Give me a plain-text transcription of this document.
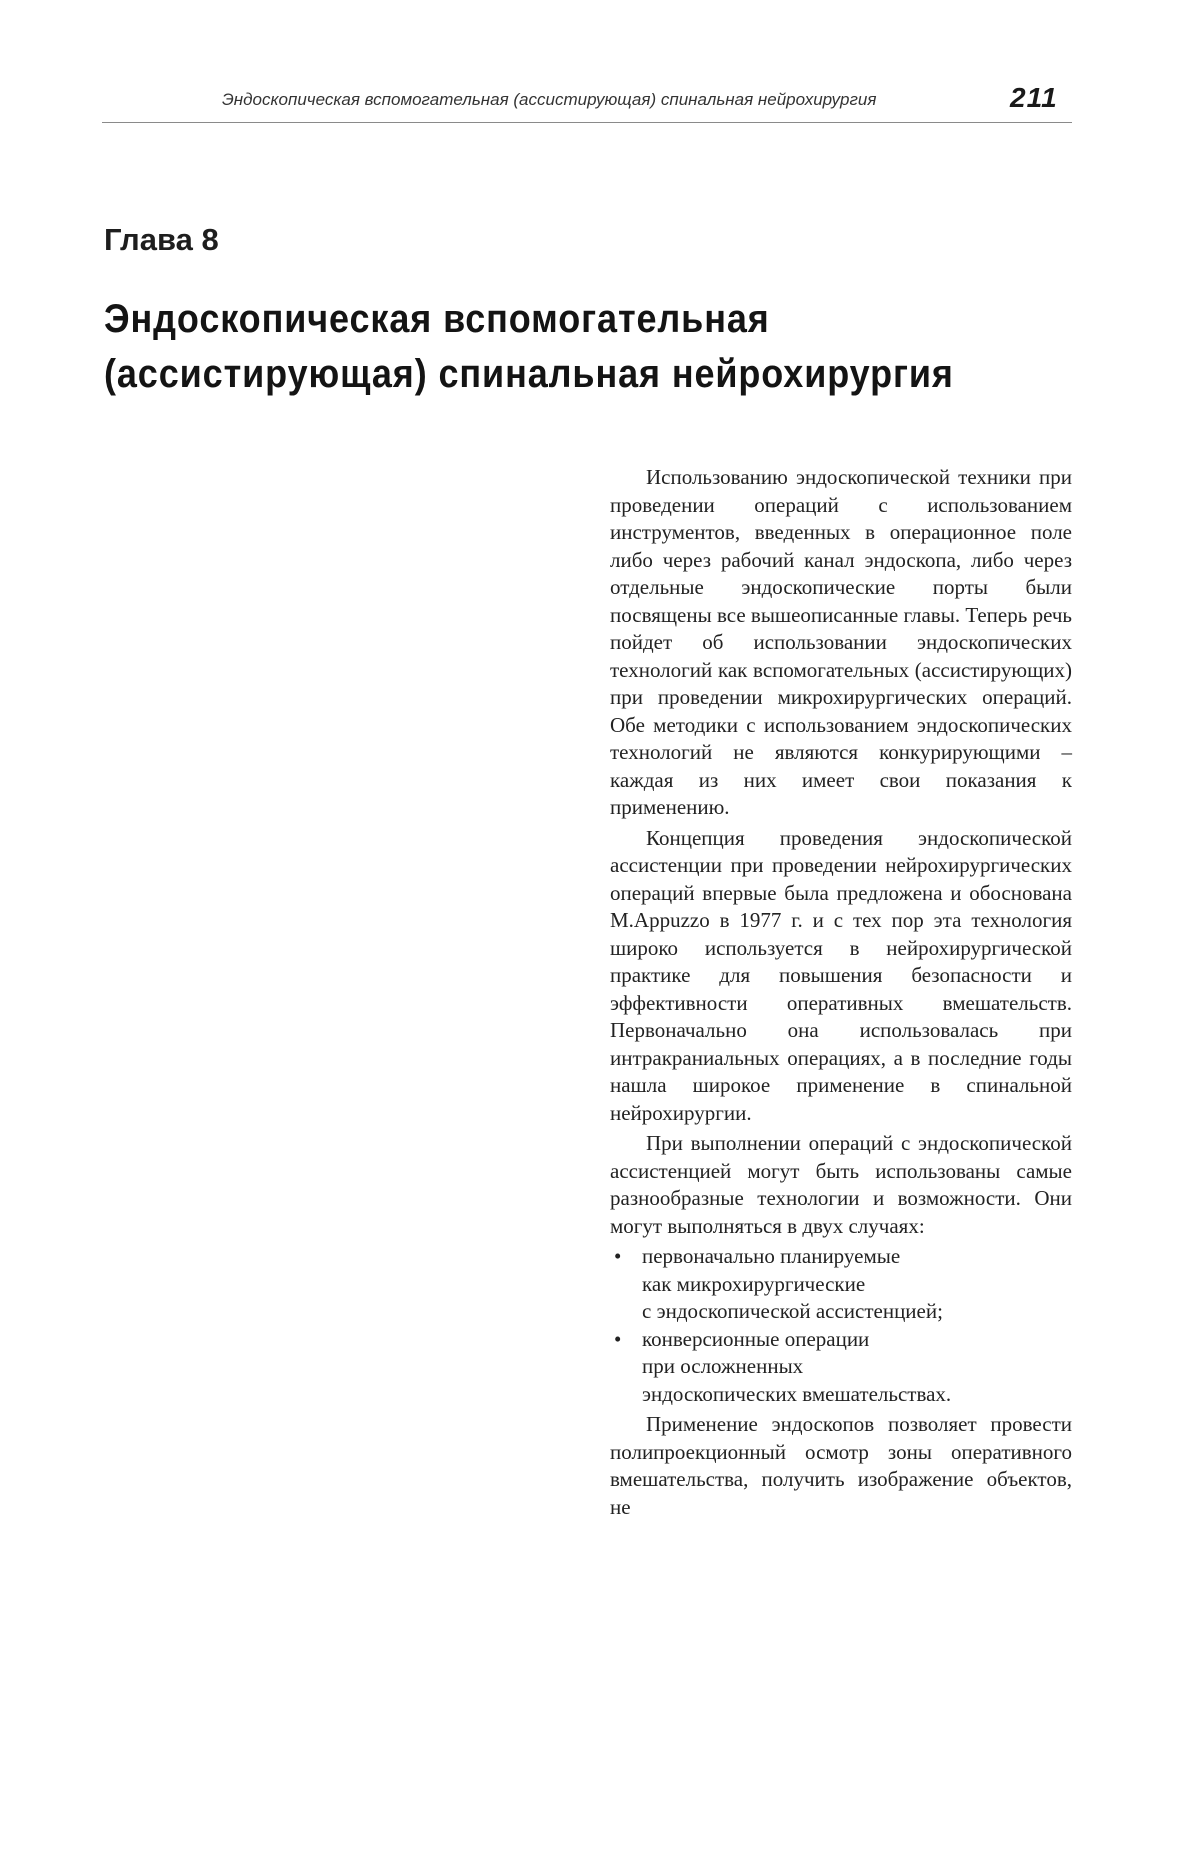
Эндоскопическая вспомогательная (ассистирующая) спинальная нейрохирургия	211
Глава 8
Эндоскопическая вспомогательная
(ассистирующая) спинальная нейрохирургия

Использованию эндоскопической техники при проведении операций с использованием инструментов, введенных в операционное поле либо через рабочий канал эндоскопа, либо через отдельные эндоскопические порты были посвящены все вышеописанные главы. Теперь речь пойдет об использовании эндоскопических технологий как вспомогательных (ассистирующих) при проведении микрохирургических операций. Обе методики с использованием эндоскопических технологий не являются конкурирующими – каждая из них имеет свои показания к применению.

Концепция проведения эндоскопической ассистенции при проведении нейрохирургических операций впервые была предложена и обоснована M.Appuzzo в 1977 г. и с тех пор эта технология широко используется в нейрохирургической практике для повышения безопасности и эффективности оперативных вмешательств. Первоначально она использовалась при интракраниальных операциях, а в последние годы нашла широкое применение в спинальной нейрохирургии.

При выполнении операций с эндоскопической ассистенцией могут быть использованы самые разнообразные технологии и возможности. Они могут выполняться в двух случаях:

• первоначально планируемые
как микрохирургические
с эндоскопической ассистенцией;
• конверсионные операции
при осложненных
эндоскопических вмешательствах.

Применение эндоскопов позволяет провести полипроекционный осмотр зоны оперативного вмешательства, получить изображение объектов, не
